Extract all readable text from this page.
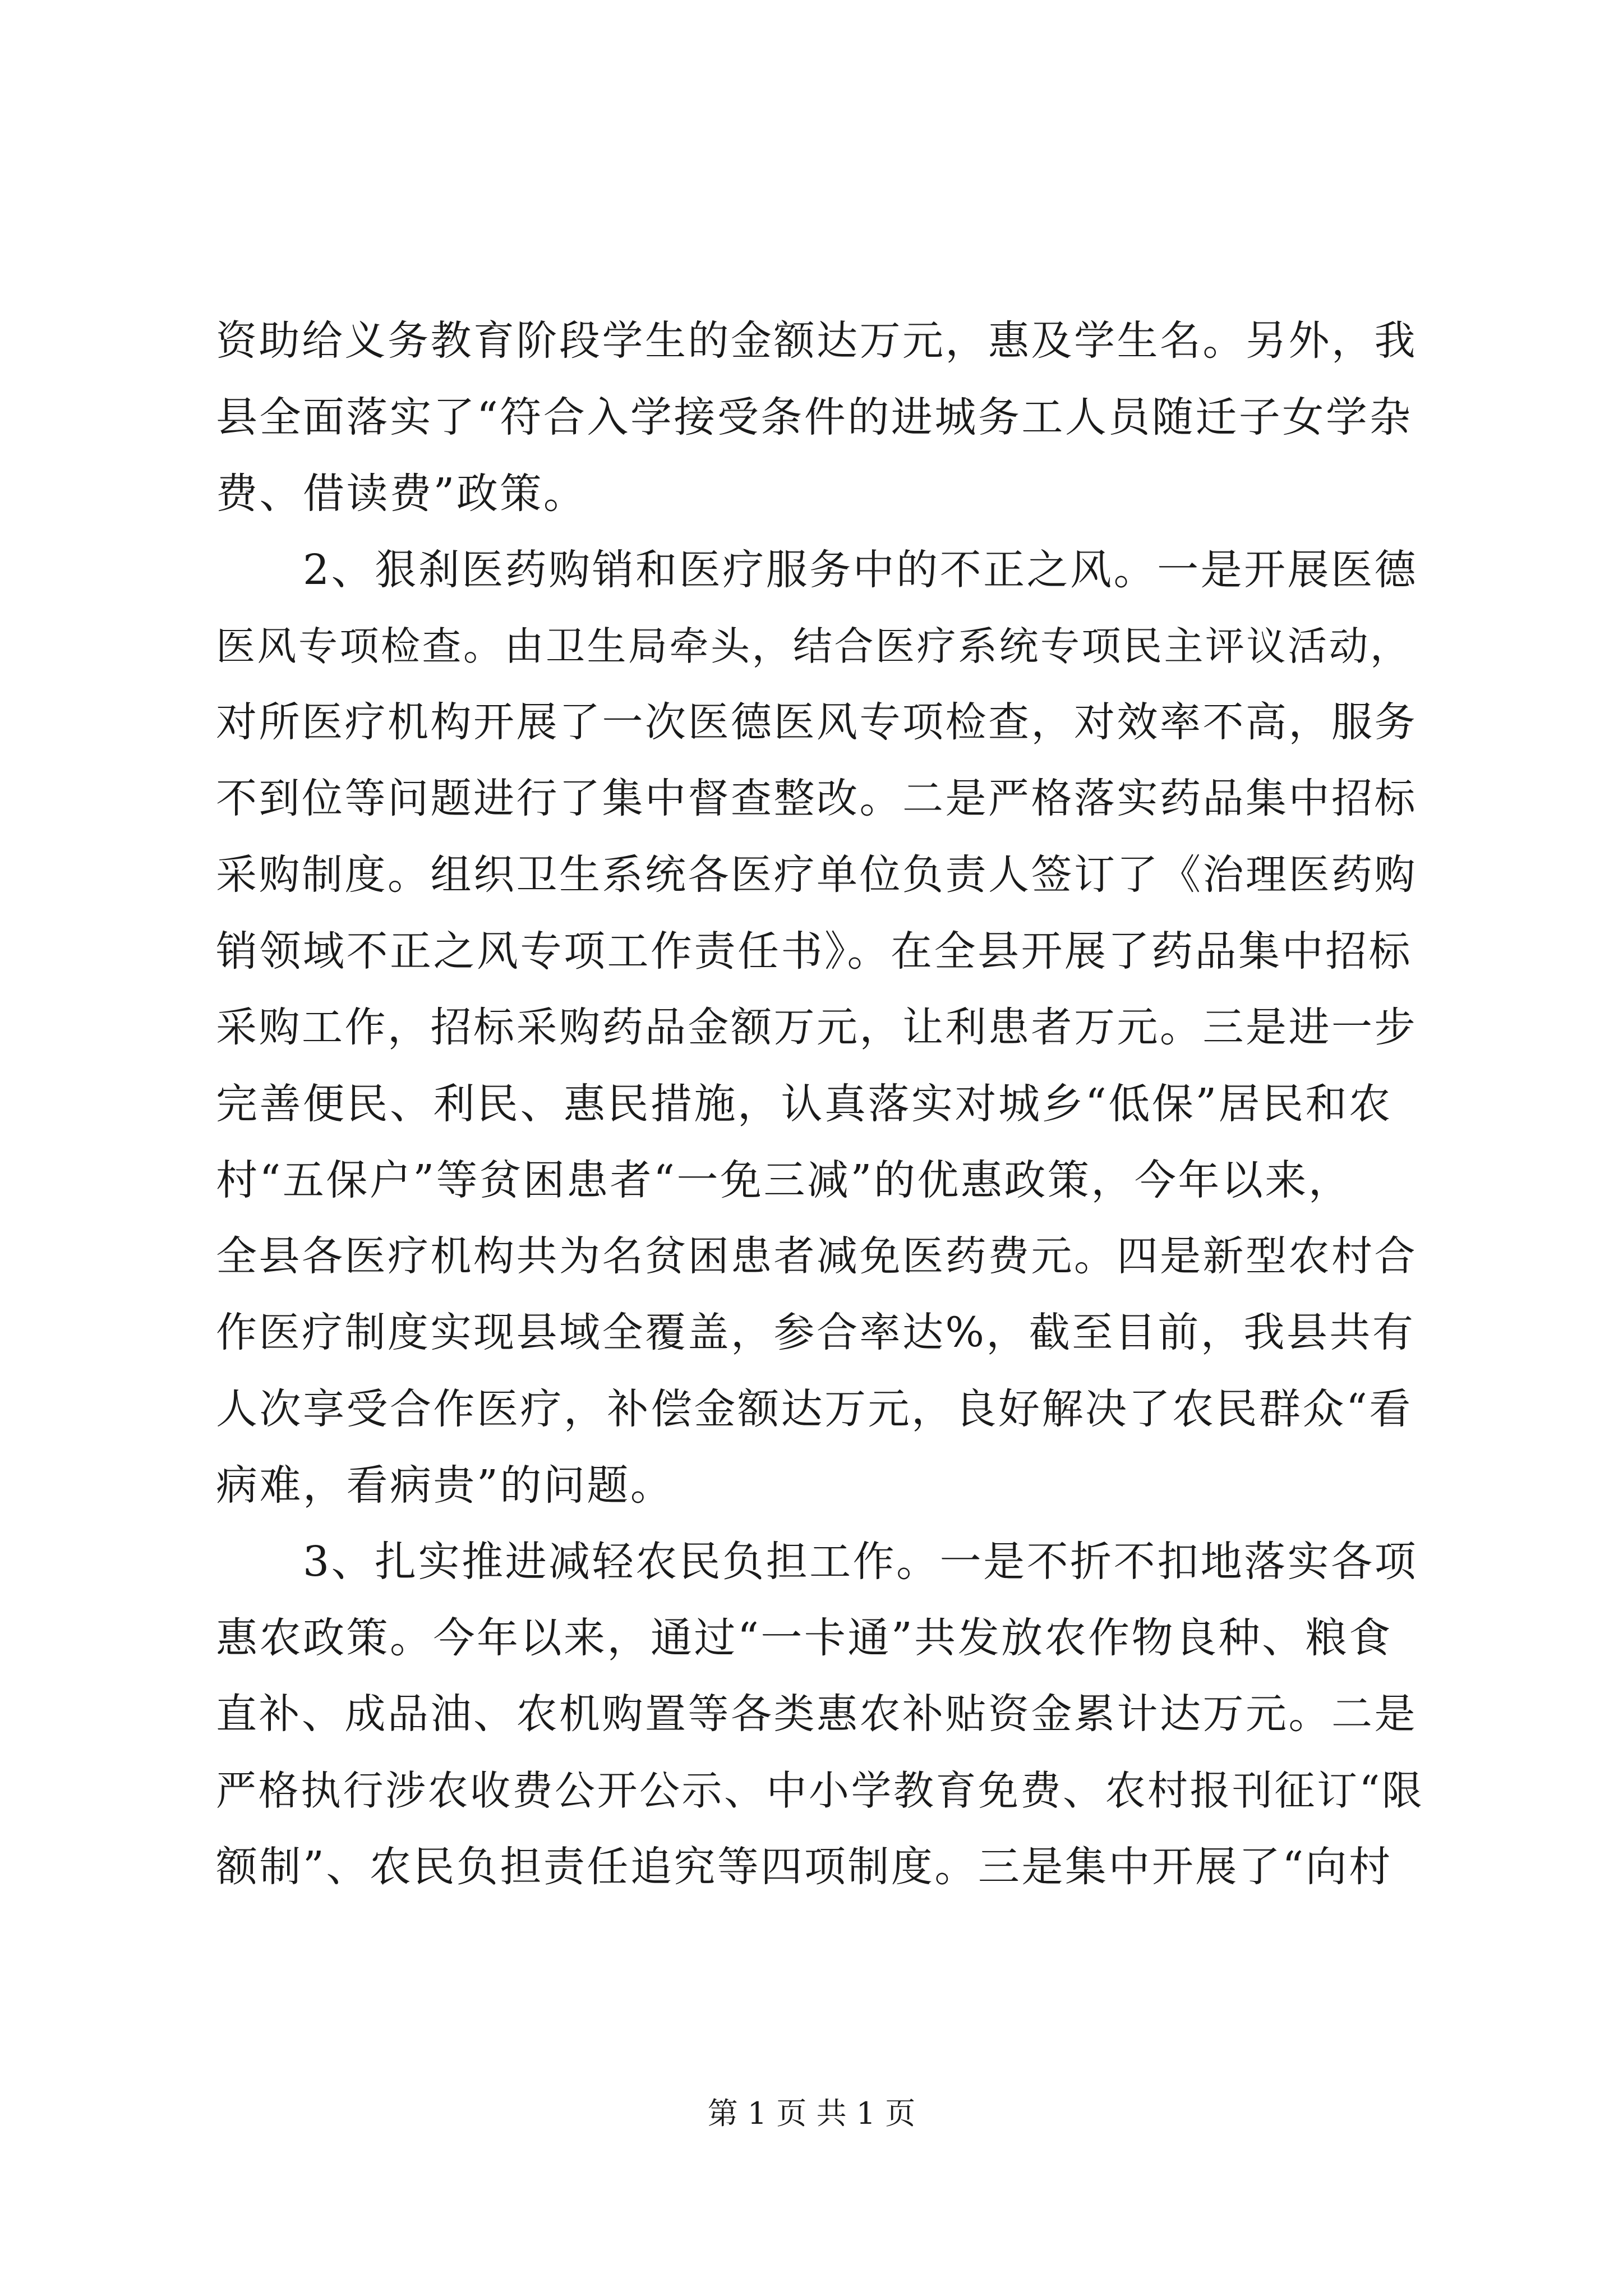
资助给义务教育阶段学生的金额达万元，惠及学生名。另外，我
县全面落实了“符合入学接受条件的进城务工人员随迁子女学杂
费、借读费”政策。
　　2、狠刹医药购销和医疗服务中的不正之风。一是开展医德
医风专项检查。由卫生局牵头，结合医疗系统专项民主评议活动，
对所医疗机构开展了一次医德医风专项检查，对效率不高，服务
不到位等问题进行了集中督查整改。二是严格落实药品集中招标
采购制度。组织卫生系统各医疗单位负责人签订了《治理医药购
销领域不正之风专项工作责任书》。在全县开展了药品集中招标
采购工作，招标采购药品金额万元，让利患者万元。三是进一步
完善便民、利民、惠民措施，认真落实对城乡“低保”居民和农
村“五保户”等贫困患者“一免三减”的优惠政策，今年以来，
全县各医疗机构共为名贫困患者减免医药费元。四是新型农村合
作医疗制度实现县域全覆盖，参合率达%，截至目前，我县共有
人次享受合作医疗，补偿金额达万元，良好解决了农民群众“看
病难，看病贵”的问题。
　　3、扎实推进减轻农民负担工作。一是不折不扣地落实各项
惠农政策。今年以来，通过“一卡通”共发放农作物良种、粮食
直补、成品油、农机购置等各类惠农补贴资金累计达万元。二是
严格执行涉农收费公开公示、中小学教育免费、农村报刊征订“限
额制”、农民负担责任追究等四项制度。三是集中开展了“向村
第 1 页 共 1 页
